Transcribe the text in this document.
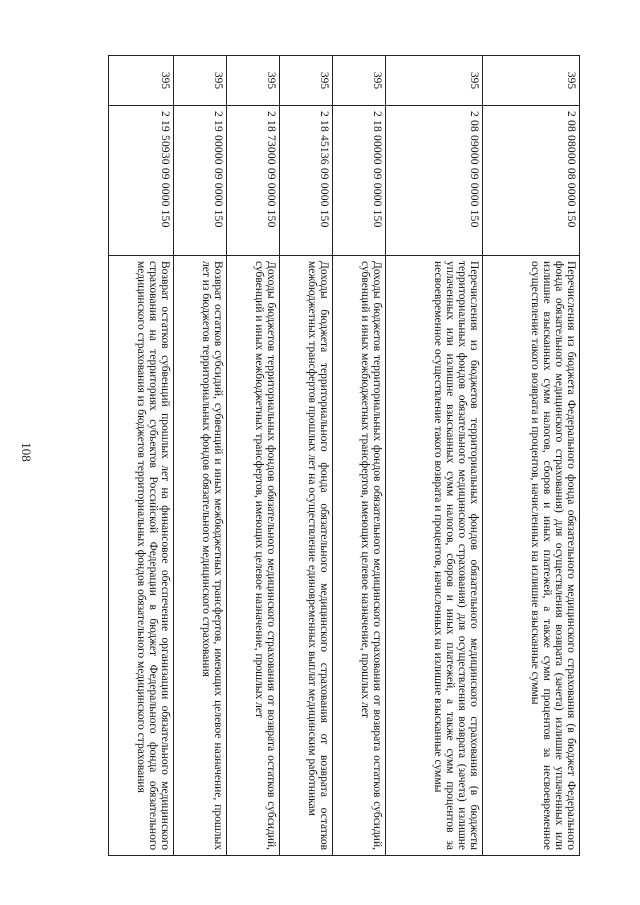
108
395	2 08 08000 08 0000 150	Перечисления из бюджета Федерального фонда обязательного медицинского страхования (в бюджет Федерального фонда обязательного медицинского страхования) для осуществления возврата (зачета) излишне уплаченных или излишне взысканных сумм налогов, сборов и иных платежей, а также сумм процентов за несвоевременное осуществление такого возврата и процентов, начисленных на излишне взысканные суммы
395	2 08 09000 09 0000 150	Перечисления из бюджетов территориальных фондов обязательного медицинского страхования (в бюджеты территориальных фондов обязательного медицинского страхования) для осуществления возврата (зачета) излишне уплаченных или излишне взысканных сумм налогов, сборов и иных платежей, а также сумм процентов за несвоевременное осуществление такого возврата и процентов, начисленных на излишне взысканные суммы
395	2 18 00000 09 0000 150	Доходы бюджетов территориальных фондов обязательного медицинского страхования от возврата остатков субсидий, субвенций и иных межбюджетных трансфертов, имеющих целевое назначение, прошлых лет
395	2 18 45136 09 0000 150	Доходы бюджета территориального фонда обязательного медицинского страхования от возврата остатков межбюджетных трансфертов прошлых лет на осуществление единовременных выплат медицинским работникам
395	2 18 73000 09 0000 150	Доходы бюджетов территориальных фондов обязательного медицинского страхования от возврата остатков субсидий, субвенций и иных межбюджетных трансфертов, имеющих целевое назначение, прошлых лет
395	2 19 00000 09 0000 150	Возврат остатков субсидий, субвенций и иных межбюджетных трансфертов, имеющих целевое назначение, прошлых лет из бюджетов территориальных фондов обязательного медицинского страхования
395	2 19 50930 09 0000 150	Возврат остатков субвенций прошлых лет на финансовое обеспечение организации обязательного медицинского страхования на территориях субъектов Российской Федерации в бюджет Федерального фонда обязательного медицинского страхования из бюджетов территориальных фондов обязательного медицинского страхования
